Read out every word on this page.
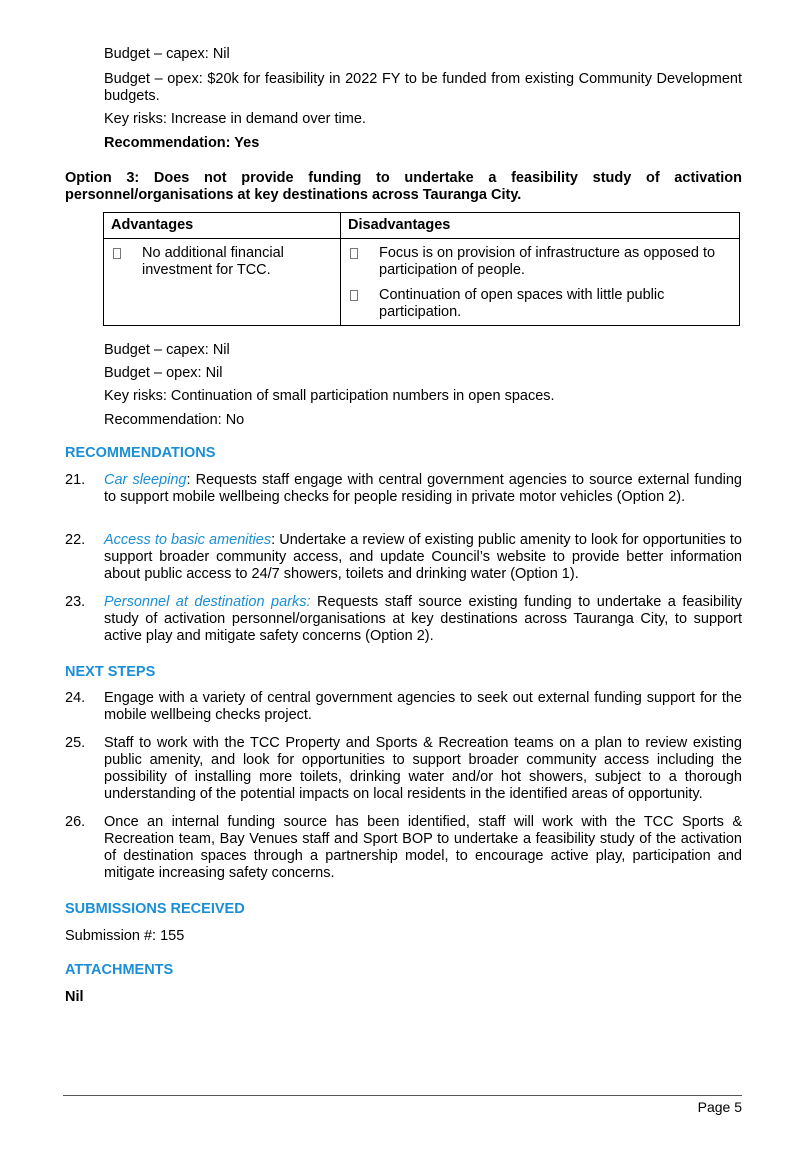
Budget – capex: Nil
Budget – opex: $20k for feasibility in 2022 FY to be funded from existing Community Development budgets.
Key risks: Increase in demand over time.
Recommendation: Yes
Option 3: Does not provide funding to undertake a feasibility study of activation personnel/organisations at key destinations across Tauranga City.
Advantages	Disadvantages

No additional financial investment for TCC.	Focus is on provision of infrastructure as opposed to participation of people.
Continuation of open spaces with little public participation.
Budget – capex: Nil
Budget – opex: Nil
Key risks: Continuation of small participation numbers in open spaces.
Recommendation: No
RECOMMENDATIONS
21.	Car sleeping: Requests staff engage with central government agencies to source external funding to support mobile wellbeing checks for people residing in private motor vehicles (Option 2).
22.	Access to basic amenities: Undertake a review of existing public amenity to look for opportunities to support broader community access, and update Council’s website to provide better information about public access to 24/7 showers, toilets and drinking water (Option 1).
23.	Personnel at destination parks: Requests staff source existing funding to undertake a feasibility study of activation personnel/organisations at key destinations across Tauranga City, to support active play and mitigate safety concerns (Option 2).
NEXT STEPS
24.	Engage with a variety of central government agencies to seek out external funding support for the mobile wellbeing checks project.
25.	Staff to work with the TCC Property and Sports & Recreation teams on a plan to review existing public amenity, and look for opportunities to support broader community access including the possibility of installing more toilets, drinking water and/or hot showers, subject to a thorough understanding of the potential impacts on local residents in the identified areas of opportunity.
26.	Once an internal funding source has been identified, staff will work with the TCC Sports & Recreation team, Bay Venues staff and Sport BOP to undertake a feasibility study of the activation of destination spaces through a partnership model, to encourage active play, participation and mitigate increasing safety concerns.
SUBMISSIONS RECEIVED
Submission #: 155
ATTACHMENTS
Nil
Page 5
